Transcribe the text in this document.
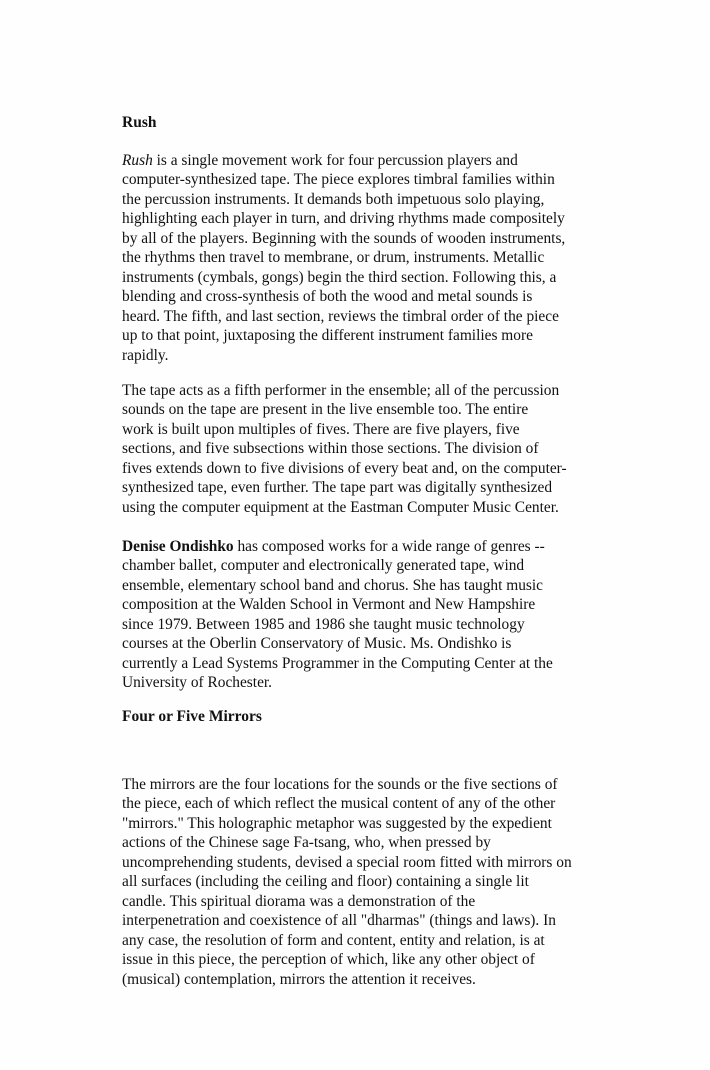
Rush

Rush is a single movement work for four percussion players and
computer-synthesized tape. The piece explores timbral families within
the percussion instruments. It demands both impetuous solo playing,
highlighting each player in turn, and driving rhythms made compositely
by all of the players. Beginning with the sounds of wooden instruments,
the rhythms then travel to membrane, or drum, instruments. Metallic
instruments (cymbals, gongs) begin the third section. Following this, a
blending and cross-synthesis of both the wood and metal sounds is
heard. The fifth, and last section, reviews the timbral order of the piece
up to that point, juxtaposing the different instrument families more
rapidly.

The tape acts as a fifth performer in the ensemble; all of the percussion
sounds on the tape are present in the live ensemble too. The entire
work is built upon multiples of fives. There are five players, five
sections, and five subsections within those sections. The division of
fives extends down to five divisions of every beat and, on the computer-
synthesized tape, even further. The tape part was digitally synthesized
using the computer equipment at the Eastman Computer Music Center.

Denise Ondishko has composed works for a wide range of genres --
chamber ballet, computer and electronically generated tape, wind
ensemble, elementary school band and chorus. She has taught music
composition at the Walden School in Vermont and New Hampshire
since 1979. Between 1985 and 1986 she taught music technology
courses at the Oberlin Conservatory of Music. Ms. Ondishko is
currently a Lead Systems Programmer in the Computing Center at the
University of Rochester.

Four or Five Mirrors

The mirrors are the four locations for the sounds or the five sections of
the piece, each of which reflect the musical content of any of the other
"mirrors." This holographic metaphor was suggested by the expedient
actions of the Chinese sage Fa-tsang, who, when pressed by
uncomprehending students, devised a special room fitted with mirrors on
all surfaces (including the ceiling and floor) containing a single lit
candle. This spiritual diorama was a demonstration of the
interpenetration and coexistence of all "dharmas" (things and laws). In
any case, the resolution of form and content, entity and relation, is at
issue in this piece, the perception of which, like any other object of
(musical) contemplation, mirrors the attention it receives.
